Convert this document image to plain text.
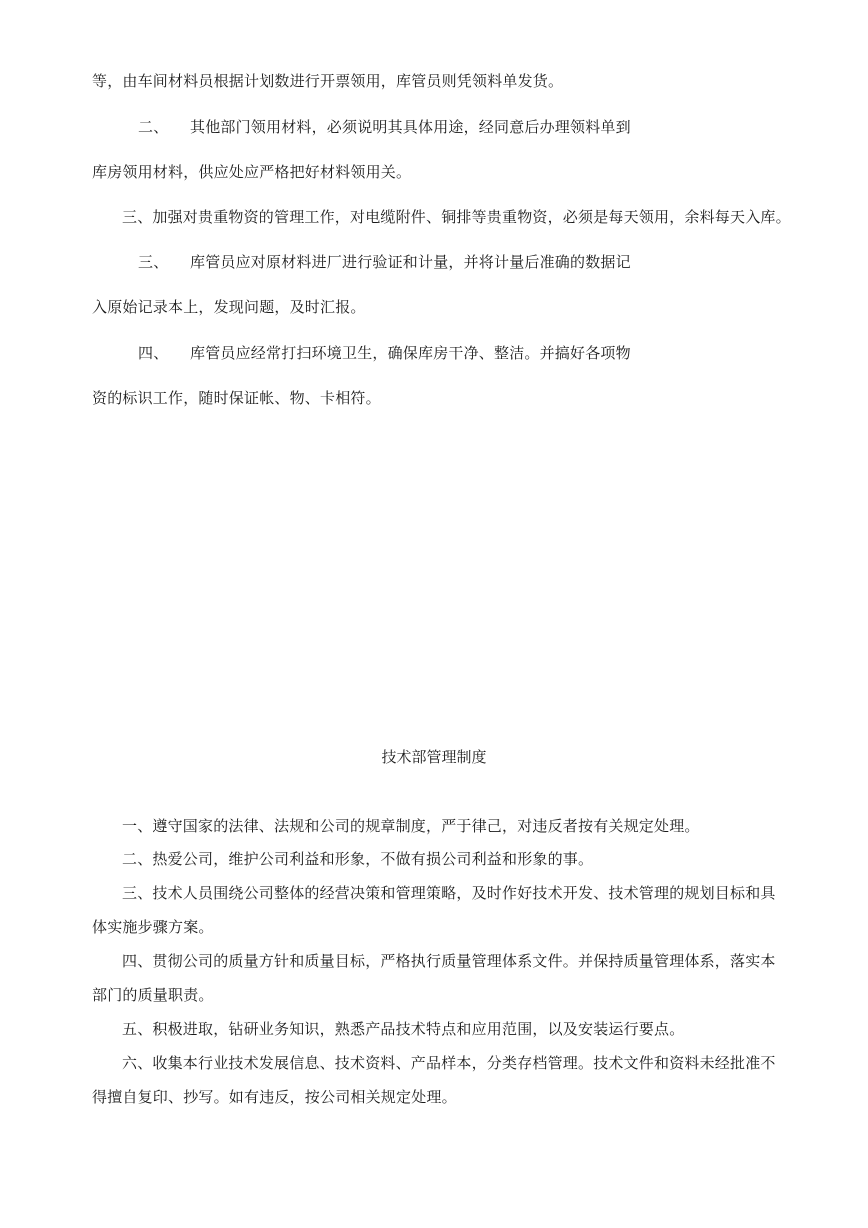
等，由车间材料员根据计划数进行开票领用，库管员则凭领料单发货。
二、 其他部门领用材料，必须说明其具体用途，经同意后办理领料单到
库房领用材料，供应处应严格把好材料领用关。
三、加强对贵重物资的管理工作，对电缆附件、铜排等贵重物资，必须是每天领用，余料每天入库。
三、 库管员应对原材料进厂进行验证和计量，并将计量后准确的数据记
入原始记录本上，发现问题，及时汇报。
四、 库管员应经常打扫环境卫生，确保库房干净、整洁。并搞好各项物
资的标识工作，随时保证帐、物、卡相符。
技术部管理制度
一、遵守国家的法律、法规和公司的规章制度，严于律己，对违反者按有关规定处理。
二、热爱公司，维护公司利益和形象，不做有损公司利益和形象的事。
三、技术人员围绕公司整体的经营决策和管理策略，及时作好技术开发、技术管理的规划目标和具
体实施步骤方案。
四、贯彻公司的质量方针和质量目标，严格执行质量管理体系文件。并保持质量管理体系，落实本
部门的质量职责。
五、积极进取，钻研业务知识，熟悉产品技术特点和应用范围，以及安装运行要点。
六、收集本行业技术发展信息、技术资料、产品样本，分类存档管理。技术文件和资料未经批准不
得擅自复印、抄写。如有违反，按公司相关规定处理。
